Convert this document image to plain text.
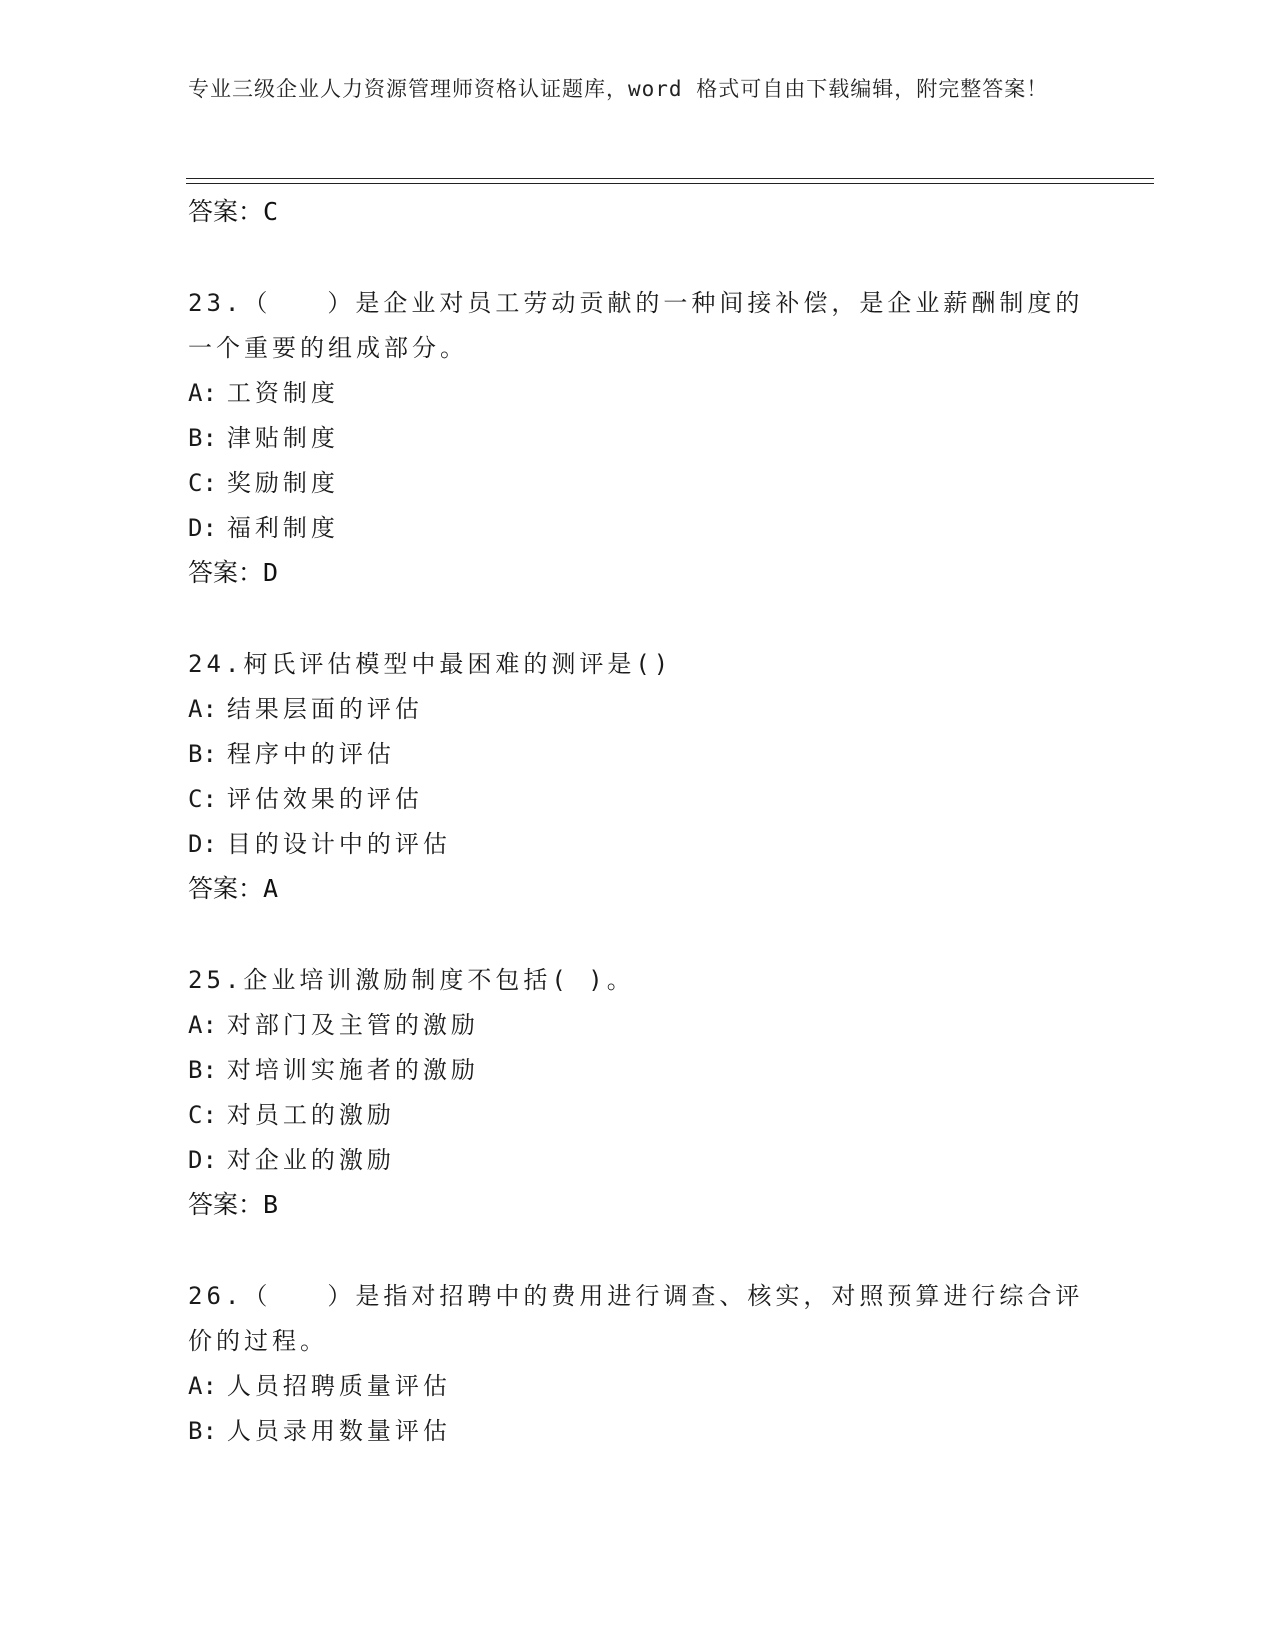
专业三级企业人力资源管理师资格认证题库，word 格式可自由下载编辑，附完整答案！
答案：C
23.（　　）是企业对员工劳动贡献的一种间接补偿，是企业薪酬制度的一个重要的组成部分。
A: 工资制度
B: 津贴制度
C: 奖励制度
D: 福利制度
答案：D
24.柯氏评估模型中最困难的测评是()
A: 结果层面的评估
B: 程序中的评估
C: 评估效果的评估
D: 目的设计中的评估
答案：A
25.企业培训激励制度不包括( )。
A: 对部门及主管的激励
B: 对培训实施者的激励
C: 对员工的激励
D: 对企业的激励
答案：B
26.（　　）是指对招聘中的费用进行调查、核实，对照预算进行综合评价的过程。
A: 人员招聘质量评估
B: 人员录用数量评估
